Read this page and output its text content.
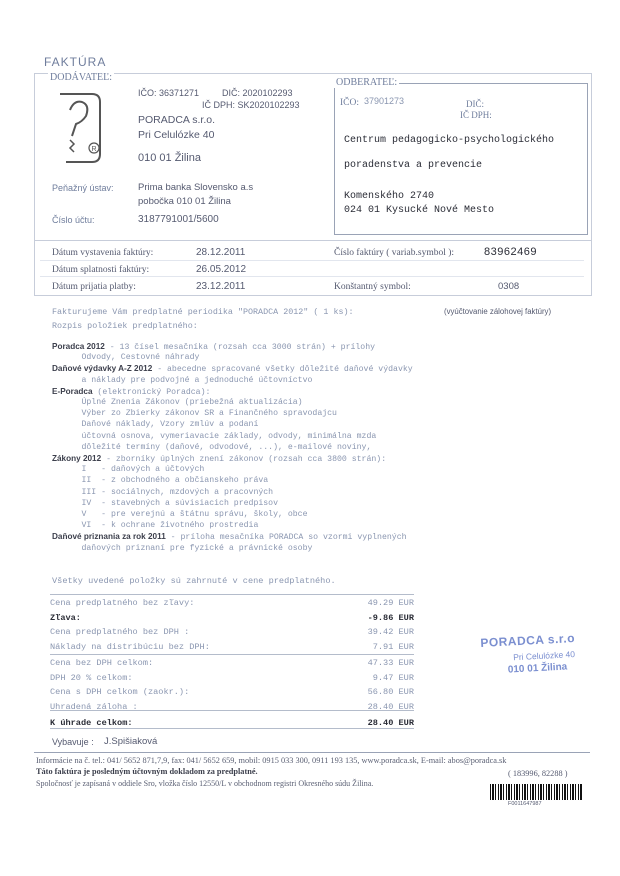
FAKTÚRA
DODÁVATEĽ:
R
IČO: 36371271	DIČ: 2020102293
IČ DPH: SK2020102293
PORADCA s.r.o.
Pri Celulózke 40
010 01 Žilina
Peňažný ústav:	Prima banka Slovensko a.s
pobočka 010 01 Žilina
Číslo účtu:	3187791001/5600
ODBERATEĽ:
IČO: 37901273	DIČ:
IČ DPH:
Centrum pedagogicko-psychologického
poradenstva a prevencie
Komenského 2740
024 01 Kysucké Nové Mesto
Dátum vystavenia faktúry:	28.12.2011
Dátum splatnosti faktúry:	26.05.2012
Dátum prijatia platby:	23.12.2011
Číslo faktúry ( variab.symbol ):	83962469
Konštantný symbol:	0308
Fakturujeme Vám predplatné periodika "PORADCA 2012" ( 1 ks):	(vyúčtovanie zálohovej faktúry)
Rozpis položiek predplatného:
Poradca 2012 - 13 čísel mesačníka (rozsah cca 3000 strán) + prílohy
Odvody, Cestovné náhrady
Daňové výdavky A-Z 2012 - abecedne spracované všetky dôležité daňové výdavky
a náklady pre podvojné a jednoduché účtovníctvo
E-Poradca (elektronický Poradca):
Úplné Znenia Zákonov (priebežná aktualizácia)
Výber zo Zbierky zákonov SR a Finančného spravodajcu
Daňové náklady, Vzory zmlúv a podaní
účtovná osnova, vymeriavacie základy, odvody, minimálna mzda
dôležité termíny (daňové, odvodové, ...), e-mailové noviny,
Zákony 2012 - zborníky úplných znení zákonov (rozsah cca 3800 strán):
I   - daňových a účtových
II  - z obchodného a občianskeho práva
III - sociálnych, mzdových a pracovných
IV  - stavebných a súvisiacich predpisov
V   - pre verejnú a štátnu správu, školy, obce
VI  - k ochrane životného prostredia
Daňové priznania za rok 2011 - príloha mesačníka PORADCA so vzormi vyplnených
daňových priznaní pre fyzické a právnické osoby
Všetky uvedené položky sú zahrnuté v cene predplatného.
Cena predplatného bez zľavy:	49.29 EUR
Zľava:	-9.86 EUR
Cena predplatného bez DPH :	39.42 EUR
Náklady na distribúciu bez DPH:	7.91 EUR
Cena bez DPH celkom:	47.33 EUR
DPH 20 % celkom:	9.47 EUR
Cena s DPH celkom (zaokr.):	56.80 EUR
Uhradená záloha :	28.40 EUR
K úhrade celkom:	28.40 EUR
PORADCA s.r.o
Pri Celulózke 40
010 01 Žilina
Vybavuje : J.Spišiaková
Informácie na č. tel.: 041/ 5652 871,7,9, fax: 041/ 5652 659, mobil: 0915 033 300, 0911 193 135, www.poradca.sk, E-mail: abos@poradca.sk
Táto faktúra je posledným účtovným dokladom za predplatné.	( 183996, 82288 )
Spoločnosť je zapísaná v oddiele Sro, vložka číslo 12550/L v obchodnom registri Okresného súdu Žilina.
F0011647987
